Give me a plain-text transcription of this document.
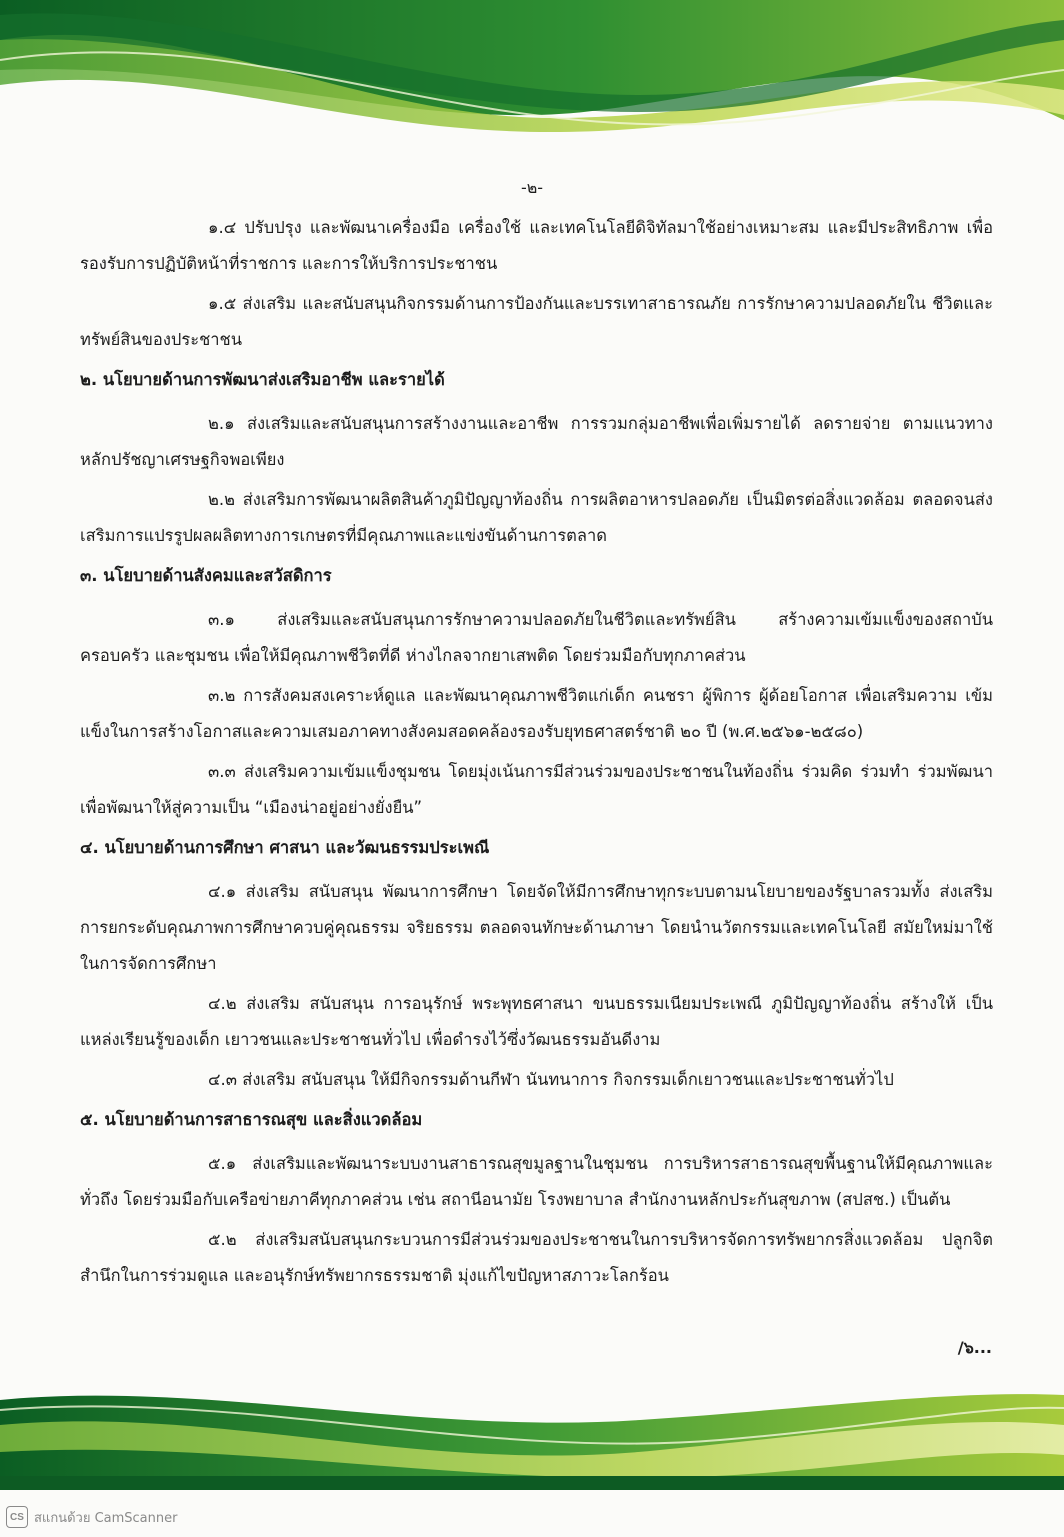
-๒-

๑.๔ ปรับปรุง และพัฒนาเครื่องมือ เครื่องใช้ และเทคโนโลยีดิจิทัลมาใช้อย่างเหมาะสม และมีประสิทธิภาพ เพื่อรองรับการปฏิบัติหน้าที่ราชการ และการให้บริการประชาชน

๑.๕ ส่งเสริม และสนับสนุนกิจกรรมด้านการป้องกันและบรรเทาสาธารณภัย การรักษาความปลอดภัยใน ชีวิตและทรัพย์สินของประชาชน

๒. นโยบายด้านการพัฒนาส่งเสริมอาชีพ และรายได้

๒.๑ ส่งเสริมและสนับสนุนการสร้างงานและอาชีพ การรวมกลุ่มอาชีพเพื่อเพิ่มรายได้ ลดรายจ่าย ตามแนวทางหลักปรัชญาเศรษฐกิจพอเพียง

๒.๒ ส่งเสริมการพัฒนาผลิตสินค้าภูมิปัญญาท้องถิ่น การผลิตอาหารปลอดภัย เป็นมิตรต่อสิ่งแวดล้อม ตลอดจนส่งเสริมการแปรรูปผลผลิตทางการเกษตรที่มีคุณภาพและแข่งขันด้านการตลาด

๓. นโยบายด้านสังคมและสวัสดิการ

๓.๑ ส่งเสริมและสนับสนุนการรักษาความปลอดภัยในชีวิตและทรัพย์สิน สร้างความเข้มแข็งของสถาบัน ครอบครัว และชุมชน เพื่อให้มีคุณภาพชีวิตที่ดี ห่างไกลจากยาเสพติด โดยร่วมมือกับทุกภาคส่วน

๓.๒ การสังคมสงเคราะห์ดูแล และพัฒนาคุณภาพชีวิตแก่เด็ก คนชรา ผู้พิการ ผู้ด้อยโอกาส เพื่อเสริมความ เข้มแข็งในการสร้างโอกาสและความเสมอภาคทางสังคมสอดคล้องรองรับยุทธศาสตร์ชาติ ๒๐ ปี (พ.ศ.๒๕๖๑-๒๕๘๐)

๓.๓ ส่งเสริมความเข้มแข็งชุมชน โดยมุ่งเน้นการมีส่วนร่วมของประชาชนในท้องถิ่น ร่วมคิด ร่วมทำ ร่วมพัฒนา เพื่อพัฒนาให้สู่ความเป็น “เมืองน่าอยู่อย่างยั่งยืน”

๔. นโยบายด้านการศึกษา ศาสนา และวัฒนธรรมประเพณี

๔.๑ ส่งเสริม สนับสนุน พัฒนาการศึกษา โดยจัดให้มีการศึกษาทุกระบบตามนโยบายของรัฐบาลรวมทั้ง ส่งเสริมการยกระดับคุณภาพการศึกษาควบคู่คุณธรรม จริยธรรม ตลอดจนทักษะด้านภาษา โดยนำนวัตกรรมและเทคโนโลยี สมัยใหม่มาใช้ในการจัดการศึกษา

๔.๒ ส่งเสริม สนับสนุน การอนุรักษ์ พระพุทธศาสนา ขนบธรรมเนียมประเพณี ภูมิปัญญาท้องถิ่น สร้างให้ เป็นแหล่งเรียนรู้ของเด็ก เยาวชนและประชาชนทั่วไป เพื่อดำรงไว้ซึ่งวัฒนธรรมอันดีงาม

๔.๓ ส่งเสริม สนับสนุน ให้มีกิจกรรมด้านกีฬา นันทนาการ กิจกรรมเด็กเยาวชนและประชาชนทั่วไป

๕. นโยบายด้านการสาธารณสุข และสิ่งแวดล้อม

๕.๑ ส่งเสริมและพัฒนาระบบงานสาธารณสุขมูลฐานในชุมชน การบริหารสาธารณสุขพื้นฐานให้มีคุณภาพและ ทั่วถึง โดยร่วมมือกับเครือข่ายภาคีทุกภาคส่วน เช่น สถานีอนามัย โรงพยาบาล สำนักงานหลักประกันสุขภาพ (สปสช.) เป็นต้น

๕.๒ ส่งเสริมสนับสนุนกระบวนการมีส่วนร่วมของประชาชนในการบริหารจัดการทรัพยากรสิ่งแวดล้อม ปลูกจิตสำนึกในการร่วมดูแล และอนุรักษ์ทรัพยากรธรรมชาติ มุ่งแก้ไขปัญหาสภาวะโลกร้อน

/๖...
CS สแกนด้วย CamScanner
